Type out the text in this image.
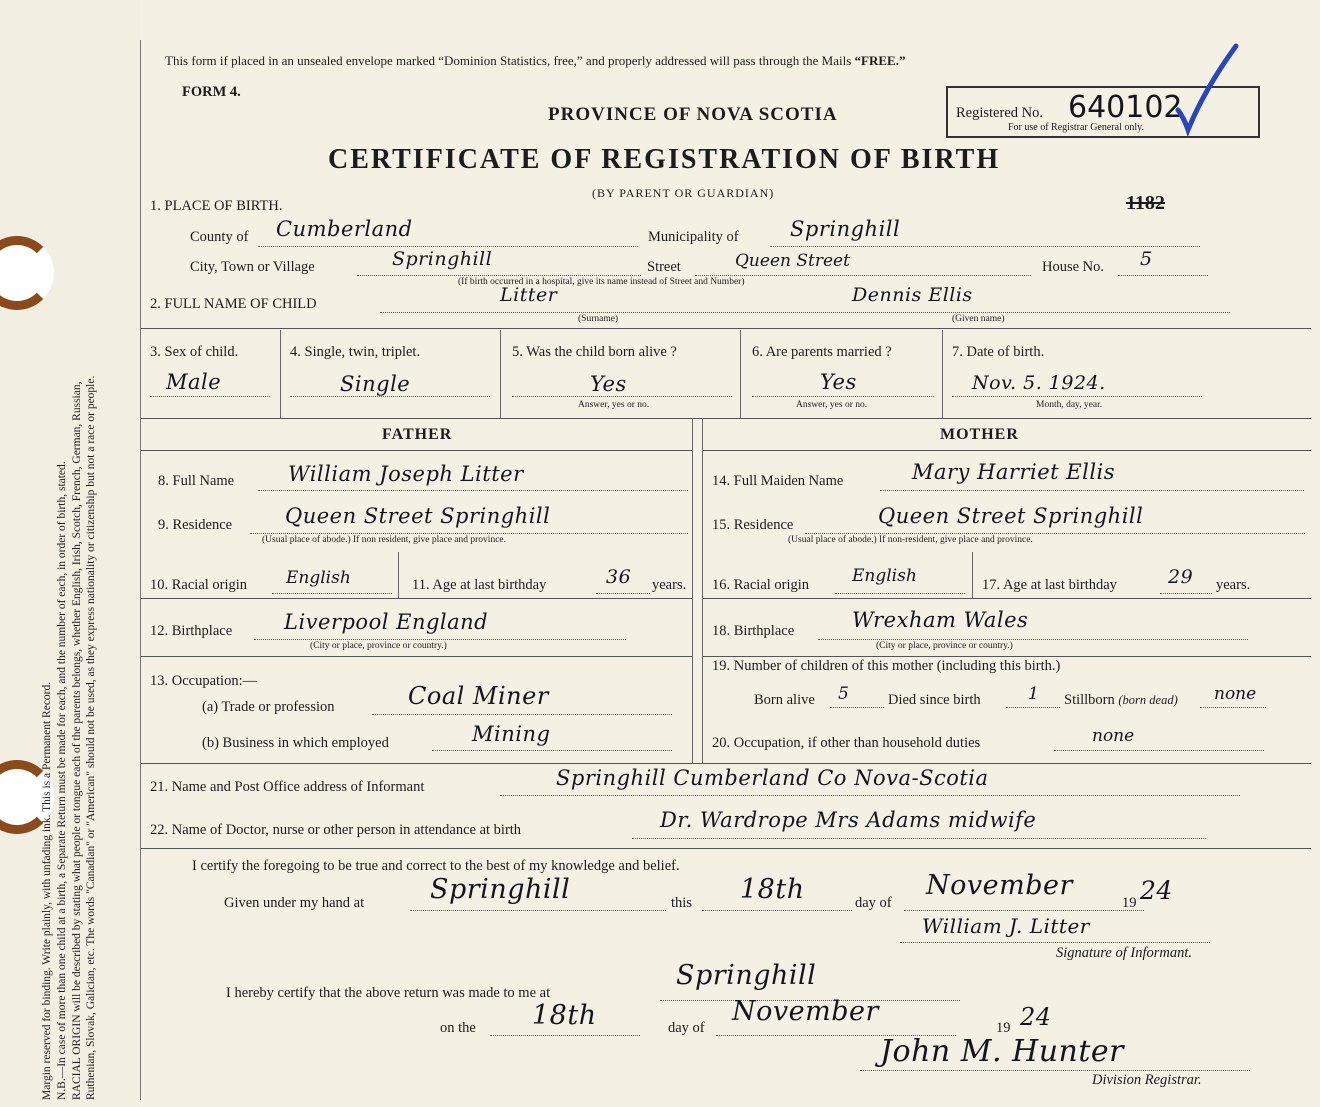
Margin reserved for binding. Write plainly, with unfading ink. This is a Permanent Record. N.B.—In case of more than one child at a birth, a Separate Return must be made for each, and the number of each, in order of birth, stated. RACIAL ORIGIN will be described by stating what people or tongue each of the parents belongs, whether English, Irish, Scotch, French, German, Russian, Ruthenian, Slovak, Galician, etc. The words "Canadian" or "American" should not be used, as they express nationality or citizenship but not a race or people.
This form if placed in an unsealed envelope marked “Dominion Statistics, free,” and properly addressed will pass through the Mails “FREE.”
FORM 4.
PROVINCE OF NOVA SCOTIA
CERTIFICATE OF REGISTRATION OF BIRTH
(BY PARENT OR GUARDIAN)
Registered No. 640102
For use of Registrar General only.
1182
1. PLACE OF BIRTH.
County of Cumberland	Municipality of Springhill
City, Town or Village	Springhill	Street	Queen Street	House No. 5
(If birth occurred in a hospital, give its name instead of Street and Number)
2. FULL NAME OF CHILD	Litter	Dennis Ellis
(Surname)	(Given name)
3. Sex of child.
Male
4. Single, twin, triplet.
Single
5. Was the child born alive ?
Yes
Answer, yes or no.
6. Are parents married ?
Yes
Answer, yes or no.
7. Date of birth.
Nov. 5. 1924.
Month, day, year.
FATHER	MOTHER
8. Full Name	William Joseph Litter	14. Full Maiden Name	Mary Harriet Ellis
9. Residence	Queen Street Springhill
(Usual place of abode.) If non resident, give place and province.
15. Residence	Queen Street Springhill
(Usual place of abode.) If non-resident, give place and province.
10. Racial origin English	11. Age at last birthday	36 years. 16. Racial origin	English	17. Age at last birthday	29 years.
12. Birthplace Liverpool England
(City or place, province or country.)
18. Birthplace	Wrexham Wales
(City or place, province or country.)
13. Occupation:—
(a) Trade or profession	Coal Miner
(b) Business in which employed	Mining
19. Number of children of this mother (including this birth.)
Born alive 5	Died since birth	1 Stillborn (born dead) none
20. Occupation, if other than household duties	none
21. Name and Post Office address of Informant	Springhill Cumberland Co Nova-Scotia
22. Name of Doctor, nurse or other person in attendance at birth	Dr. Wardrope Mrs Adams midwife
I certify the foregoing to be true and correct to the best of my knowledge and belief.
Given under my hand at Springhill	this 18th	day of
November
19 24
William J. Litter
Signature of Informant.
I hereby certify that the above return was made to me at
Springhill
on the 18th	day of
November
19 24
John M. Hunter
Division Registrar.
